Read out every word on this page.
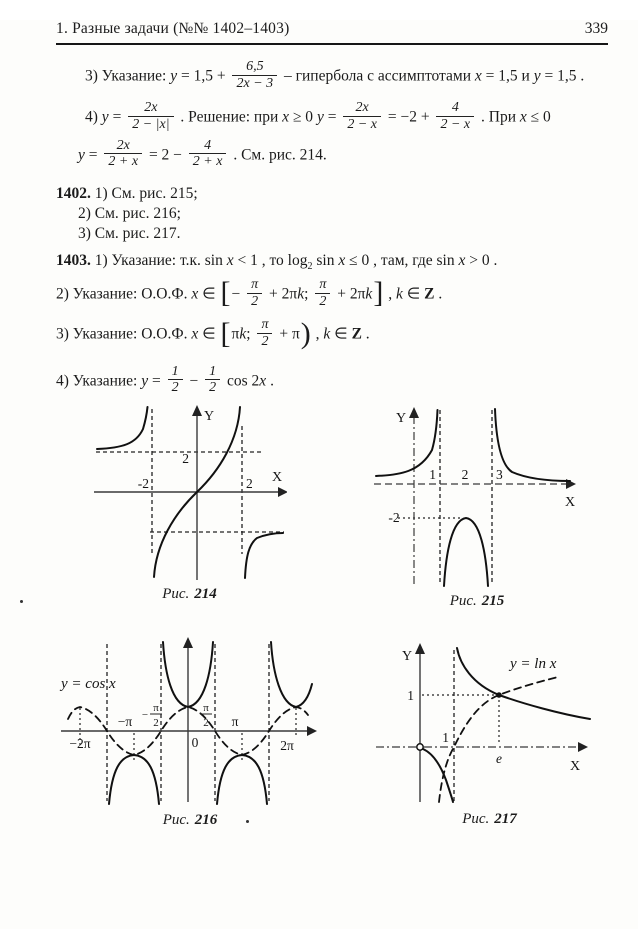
1. Разные задачи (№№ 1402–1403)	339
3) Указание: $y = 1,5 + \frac{6,5}{2x - 3}$ – гипербола с ассимптотами x = 1,5 и y = 1,5 .
4) $y = \frac{2x}{2 - |x|}$ . Решение: при x ≥ 0 $y = \frac{2x}{2 - x} = -2 + \frac{4}{2 - x}$ . При x ≤ 0
$y = \frac{2x}{2 + x} = 2 - \frac{4}{2 + x}$ . См. рис. 214.
1402. 1) См. рис. 215;
2) См. рис. 216;
3) См. рис. 217.
1403. 1) Указание: т.к. sin x < 1 , то $\log_2 \sin x \le 0$ , там, где sin x > 0 .
2) Указание: О.О.Ф. x ∈ [− $\frac{\pi}{2} + 2\pi k$; $\frac{\pi}{2} + 2\pi k$] , k ∈ Z .
3) Указание: О.О.Ф. x ∈ [πk; $\frac{\pi}{2} + \pi$) , k ∈ Z .
4) Указание: $y = \frac{1}{2} - \frac{1}{2}$ cos 2x .
Y
X
2
-2	2
Рис. 214
Y
X
1 2 3
-2
Рис. 215
y = cos x
−2π
−π −
π
2
0
π
2 π
2π
Рис. 216
Y
X
y = ln x
1
1
e
Рис. 217
